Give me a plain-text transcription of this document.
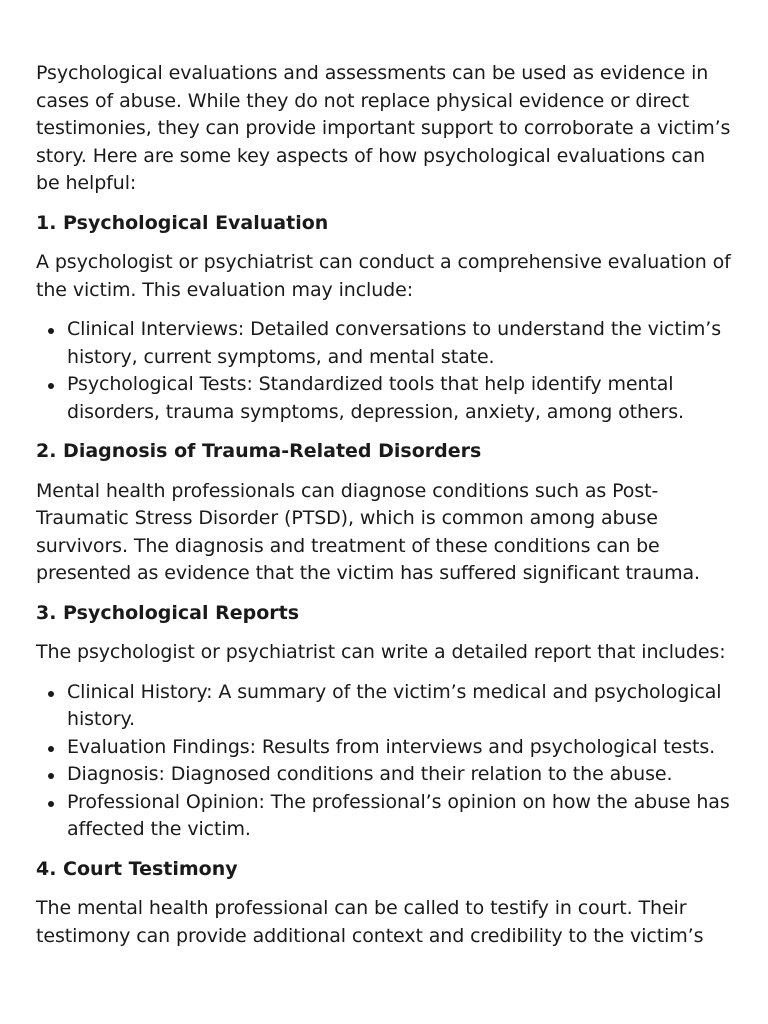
Psychological evaluations and assessments can be used as evidence in cases of abuse. While they do not replace physical evidence or direct testimonies, they can provide important support to corroborate a victim’s story. Here are some key aspects of how psychological evaluations can be helpful:

1. Psychological Evaluation

A psychologist or psychiatrist can conduct a comprehensive evaluation of the victim. This evaluation may include:

Clinical Interviews: Detailed conversations to understand the victim’s history, current symptoms, and mental state.
Psychological Tests: Standardized tools that help identify mental disorders, trauma symptoms, depression, anxiety, among others.
2. Diagnosis of Trauma-Related Disorders

Mental health professionals can diagnose conditions such as Post-Traumatic Stress Disorder (PTSD), which is common among abuse survivors. The diagnosis and treatment of these conditions can be presented as evidence that the victim has suffered significant trauma.

3. Psychological Reports

The psychologist or psychiatrist can write a detailed report that includes:

Clinical History: A summary of the victim’s medical and psychological history.
Evaluation Findings: Results from interviews and psychological tests.
Diagnosis: Diagnosed conditions and their relation to the abuse.
Professional Opinion: The professional’s opinion on how the abuse has affected the victim.
4. Court Testimony

The mental health professional can be called to testify in court. Their testimony can provide additional context and credibility to the victim’s
